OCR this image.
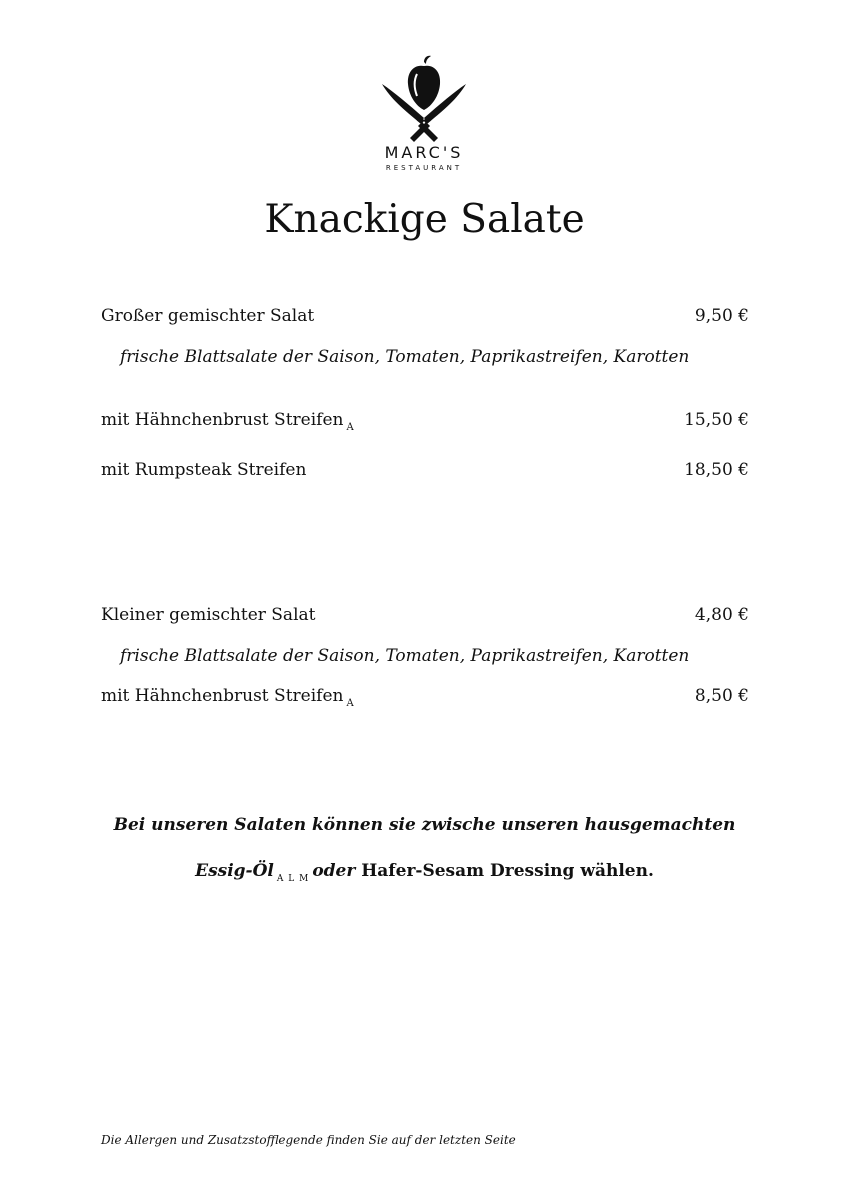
MARC'S
RESTAURANT
Knackige Salate
Großer gemischter Salat	9,50 €
frische Blattsalate der Saison, Tomaten, Paprikastreifen, Karotten
mit Hähnchenbrust Streifen $_A$	15,50 €
mit Rumpsteak Streifen	18,50 €
Kleiner gemischter Salat	4,80 €
frische Blattsalate der Saison, Tomaten, Paprikastreifen, Karotten
mit Hähnchenbrust Streifen $_A$	8,50 €
Bei unseren Salaten können sie zwische unseren hausgemachten
Essig-Öl $_{A L M}$ oder Hafer-Sesam Dressing wählen.
Die Allergen und Zusatzstofflegende finden Sie auf der letzten Seite
